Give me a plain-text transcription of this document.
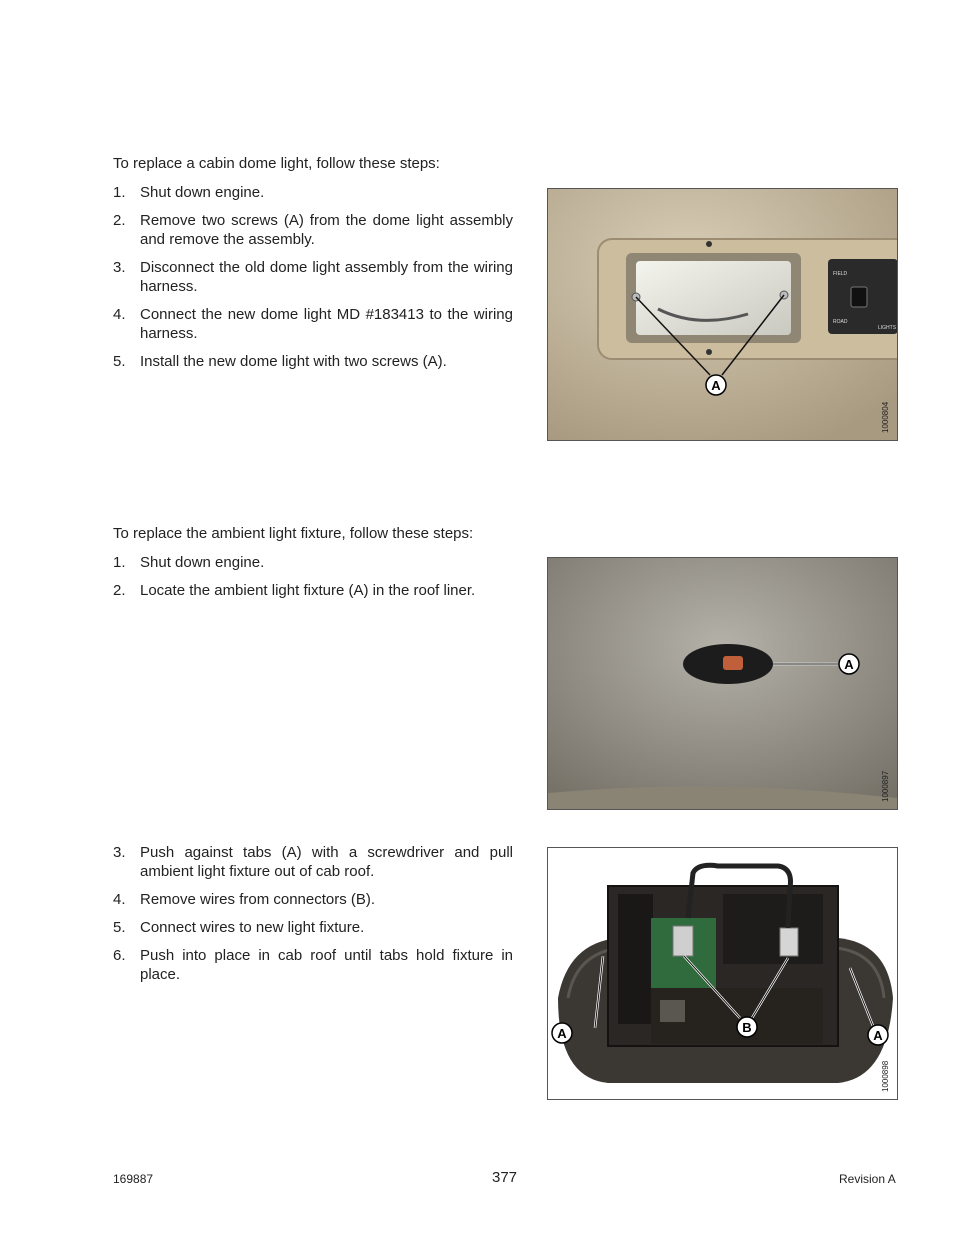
To replace a cabin dome light, follow these steps:
1. Shut down engine.
2. Remove two screws (A) from the dome light assembly and remove the assembly.
3. Disconnect the old dome light assembly from the wiring harness.
4. Connect the new dome light MD #183413 to the wiring harness.
5. Install the new dome light with two screws (A).
FIELD
ROAD
LIGHTS
A
1000804
To replace the ambient light fixture, follow these steps:
1. Shut down engine.
2. Locate the ambient light fixture (A) in the roof liner.
A
1000897
3. Push against tabs (A) with a screwdriver and pull ambient light fixture out of cab roof.
4. Remove wires from connectors (B).
5. Connect wires to new light fixture.
6. Push into place in cab roof until tabs hold fixture in place.
A	B
A
1000898
169887	377	Revision A
